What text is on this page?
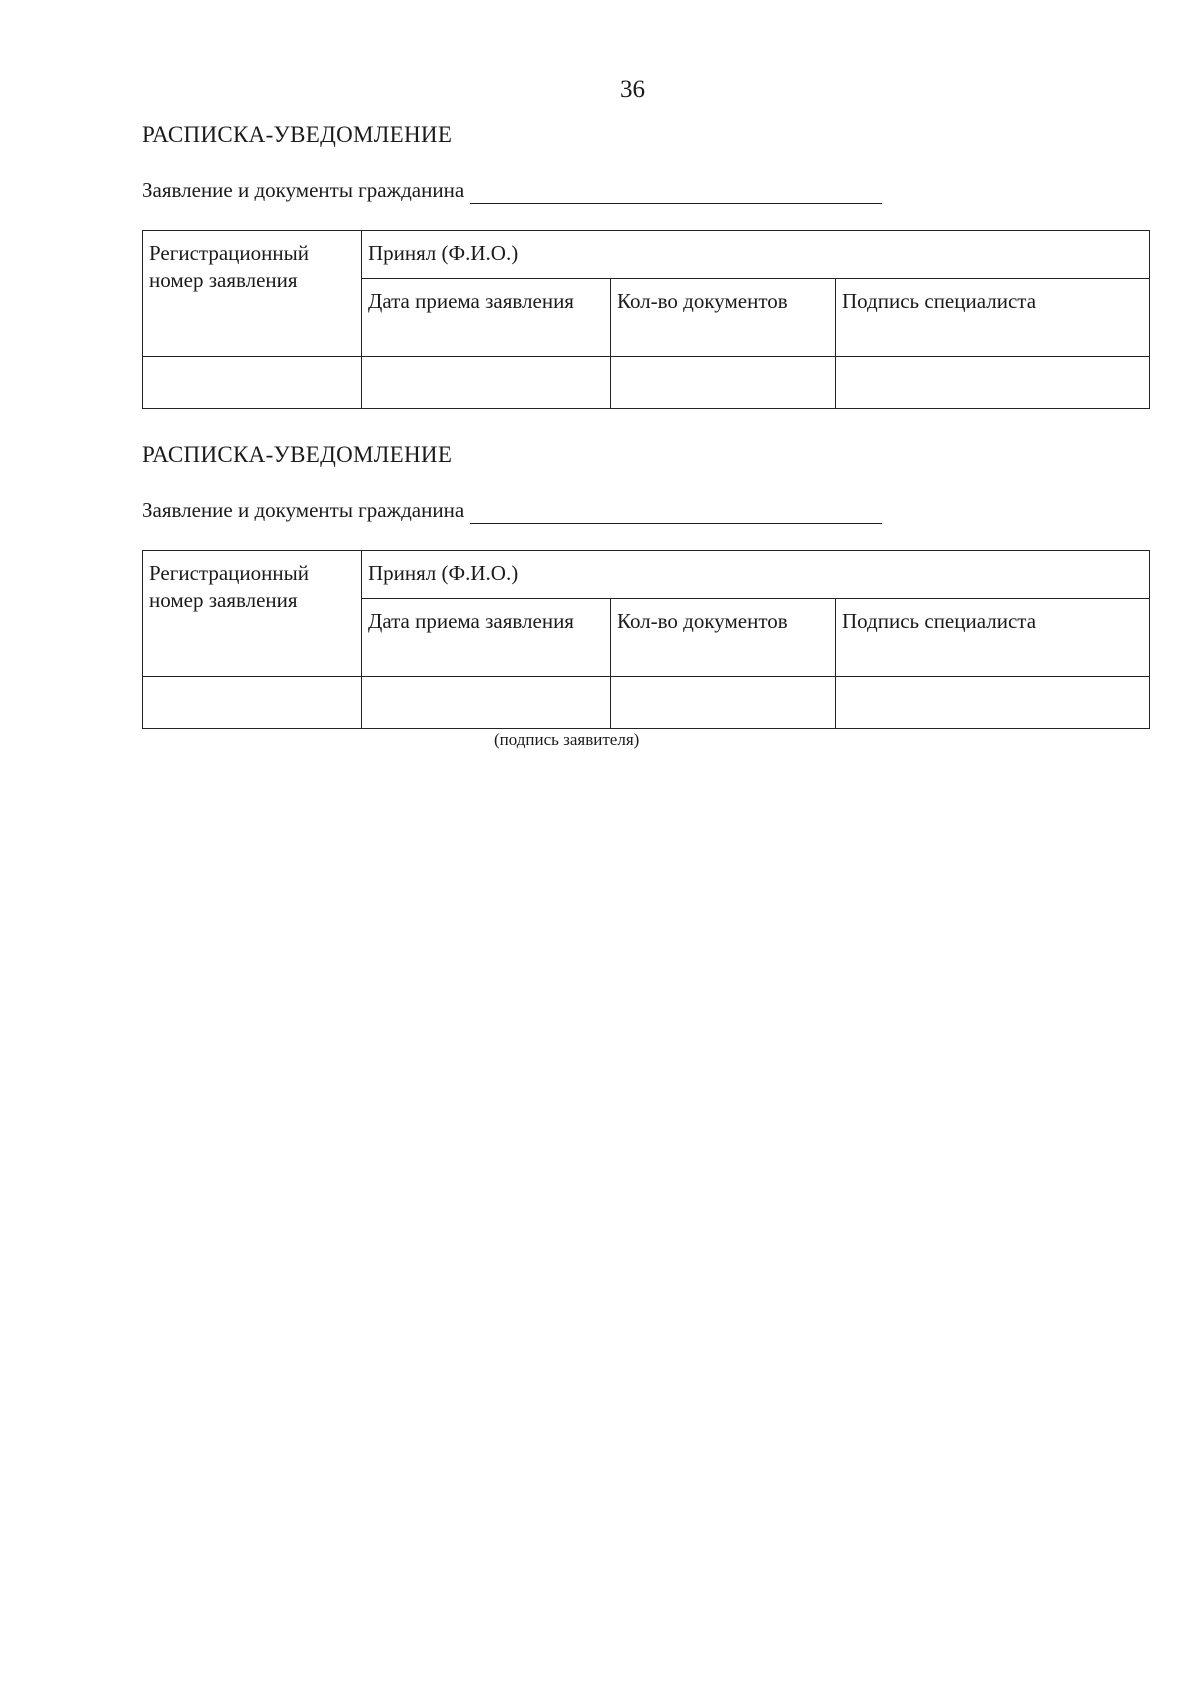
36
РАСПИСКА-УВЕДОМЛЕНИЕ
Заявление и документы гражданина
Регистрационный номер заявления	Принял (Ф.И.О.)		
	Дата приема заявления	Кол-во документов	Подпись специалиста

РАСПИСКА-УВЕДОМЛЕНИЕ
Заявление и документы гражданина
Регистрационный номер заявления	Принял (Ф.И.О.)		
	Дата приема заявления	Кол-во документов	Подпись специалиста

(подпись заявителя)
